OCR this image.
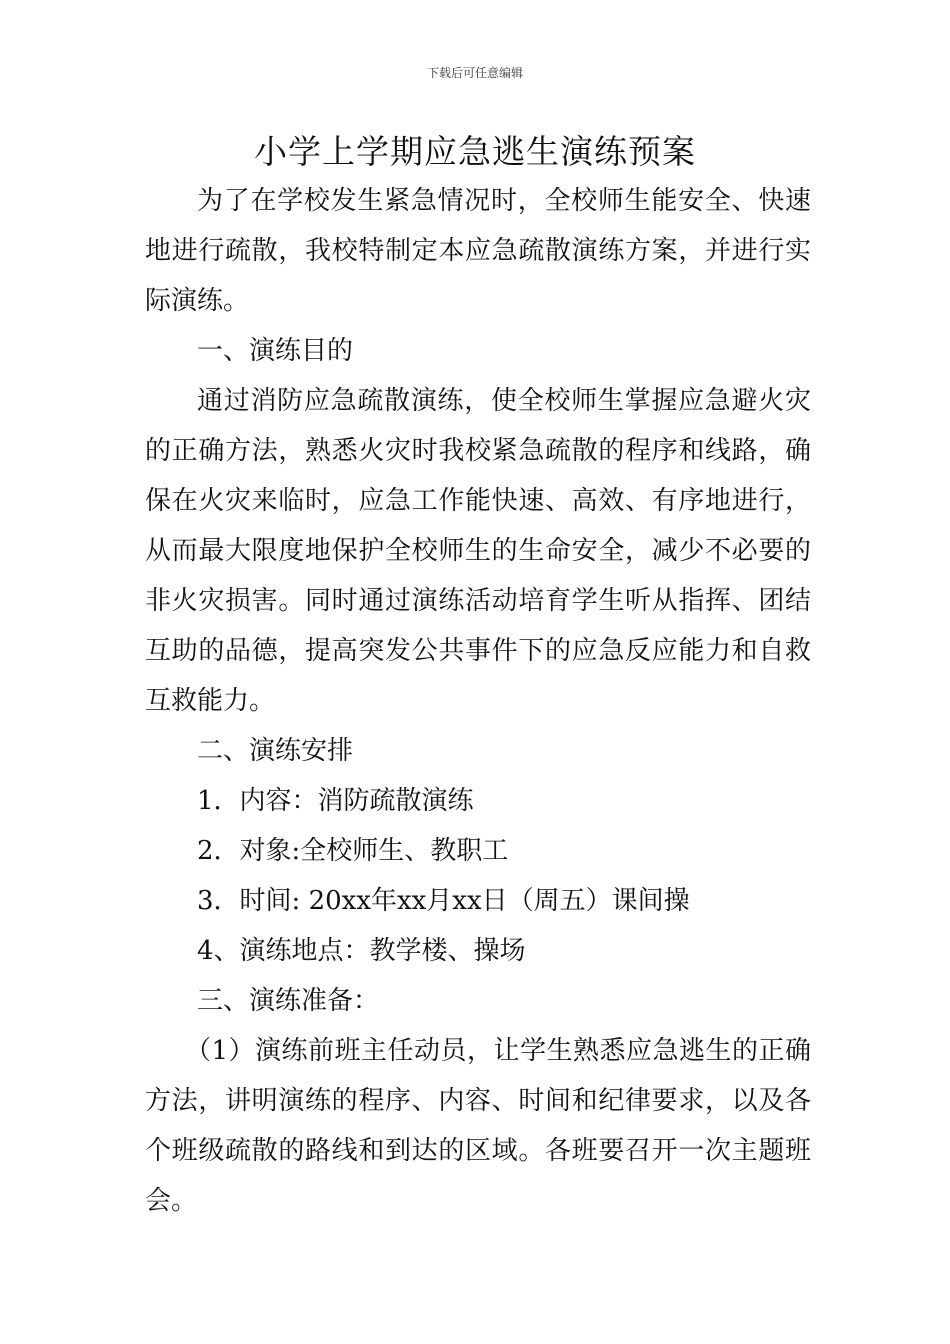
下载后可任意编辑
小学上学期应急逃生演练预案

为了在学校发生紧急情况时，全校师生能安全、快速地进行疏散，我校特制定本应急疏散演练方案，并进行实际演练。

一、演练目的

通过消防应急疏散演练，使全校师生掌握应急避火灾的正确方法，熟悉火灾时我校紧急疏散的程序和线路，确保在火灾来临时，应急工作能快速、高效、有序地进行，从而最大限度地保护全校师生的生命安全，减少不必要的非火灾损害。同时通过演练活动培育学生听从指挥、团结互助的品德，提高突发公共事件下的应急反应能力和自救互救能力。

二、演练安排

1．内容：消防疏散演练

2．对象:全校师生、教职工

3．时间: 20xx年xx月xx日（周五）课间操

4、演练地点：教学楼、操场

三、演练准备：

（1）演练前班主任动员，让学生熟悉应急逃生的正确方法，讲明演练的程序、内容、时间和纪律要求，以及各个班级疏散的路线和到达的区域。各班要召开一次主题班会。
